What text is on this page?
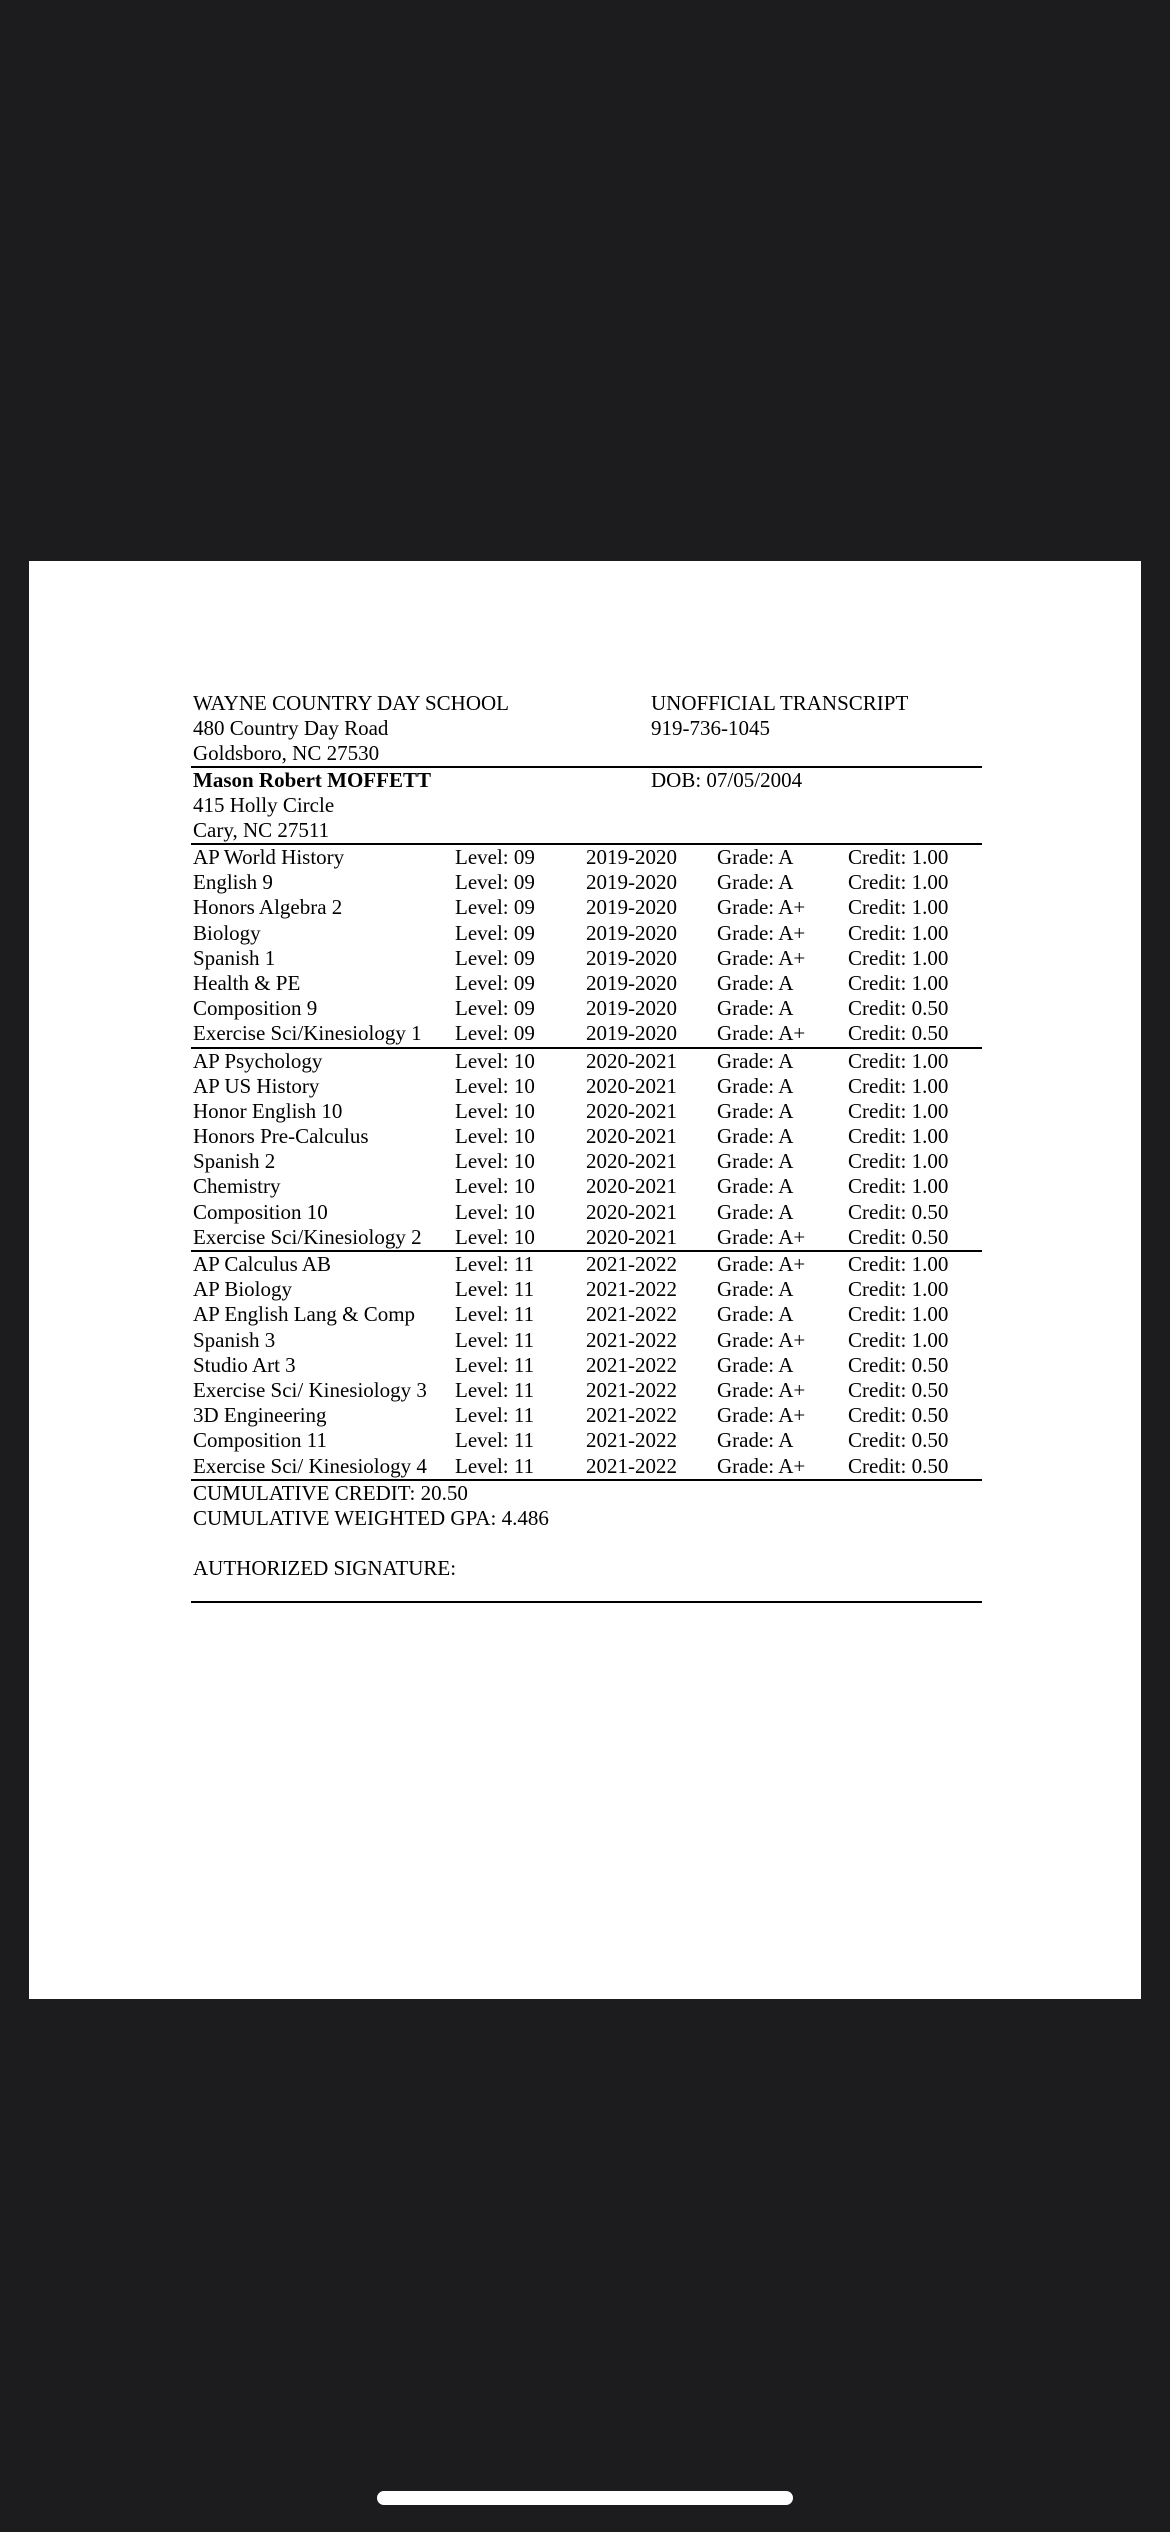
WAYNE COUNTRY DAY SCHOOL	UNOFFICIAL TRANSCRIPT
480 Country Day Road	919-736-1045
Goldsboro, NC 27530
Mason Robert MOFFETT	DOB: 07/05/2004
415 Holly Circle
Cary, NC 27511
AP World History	Level: 09	2019-2020	Grade: A	Credit: 1.00
English 9	Level: 09	2019-2020	Grade: A	Credit: 1.00
Honors Algebra 2	Level: 09	2019-2020	Grade: A+	Credit: 1.00
Biology	Level: 09	2019-2020	Grade: A+	Credit: 1.00
Spanish 1	Level: 09	2019-2020	Grade: A+	Credit: 1.00
Health & PE	Level: 09	2019-2020	Grade: A	Credit: 1.00
Composition 9	Level: 09	2019-2020	Grade: A	Credit: 0.50
Exercise Sci/Kinesiology 1	Level: 09	2019-2020	Grade: A+	Credit: 0.50
AP Psychology	Level: 10	2020-2021	Grade: A	Credit: 1.00
AP US History	Level: 10	2020-2021	Grade: A	Credit: 1.00
Honor English 10	Level: 10	2020-2021	Grade: A	Credit: 1.00
Honors Pre-Calculus	Level: 10	2020-2021	Grade: A	Credit: 1.00
Spanish 2	Level: 10	2020-2021	Grade: A	Credit: 1.00
Chemistry	Level: 10	2020-2021	Grade: A	Credit: 1.00
Composition 10	Level: 10	2020-2021	Grade: A	Credit: 0.50
Exercise Sci/Kinesiology 2	Level: 10	2020-2021	Grade: A+	Credit: 0.50
AP Calculus AB	Level: 11	2021-2022	Grade: A+	Credit: 1.00
AP Biology	Level: 11	2021-2022	Grade: A	Credit: 1.00
AP English Lang & Comp	Level: 11	2021-2022	Grade: A	Credit: 1.00
Spanish 3	Level: 11	2021-2022	Grade: A+	Credit: 1.00
Studio Art 3	Level: 11	2021-2022	Grade: A	Credit: 0.50
Exercise Sci/ Kinesiology 3	Level: 11	2021-2022	Grade: A+	Credit: 0.50
3D Engineering	Level: 11	2021-2022	Grade: A+	Credit: 0.50
Composition 11	Level: 11	2021-2022	Grade: A	Credit: 0.50
Exercise Sci/ Kinesiology 4	Level: 11	2021-2022	Grade: A+	Credit: 0.50
CUMULATIVE CREDIT: 20.50
CUMULATIVE WEIGHTED GPA: 4.486
AUTHORIZED SIGNATURE:
